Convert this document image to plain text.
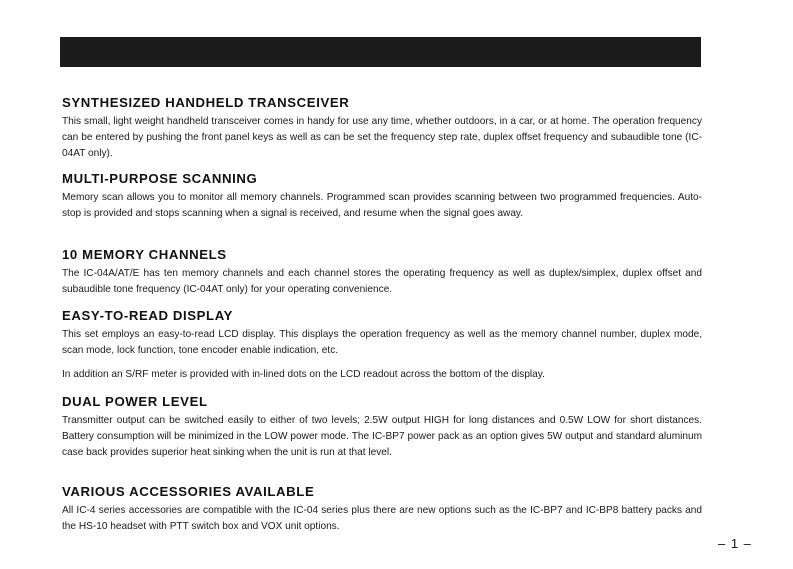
SECTION   I   FEATURES

SYNTHESIZED HANDHELD TRANSCEIVER

This small, light weight handheld transceiver comes in handy for use any time, whether outdoors, in a car, or at home. The operation frequency can be entered by pushing the front panel keys as well as can be set the frequency step rate, duplex offset frequency and subaudible tone (IC-04AT only).

MULTI-PURPOSE SCANNING

Memory scan allows you to monitor all memory channels. Programmed scan provides scanning between two programmed frequencies. Auto-stop is provided and stops scanning when a signal is received, and resume when the signal goes away.

10 MEMORY CHANNELS

The IC-04A/AT/E has ten memory channels and each channel stores the operating frequency as well as duplex/simplex, duplex offset and subaudible tone frequency (IC-04AT only) for your operating convenience.

EASY-TO-READ DISPLAY

This set employs an easy-to-read LCD display. This displays the operation frequency as well as the memory channel number, duplex mode, scan mode, lock function, tone encoder enable indication, etc.

In addition an S/RF meter is provided with in-lined dots on the LCD readout across the bottom of the display.

DUAL POWER LEVEL

Transmitter output can be switched easily to either of two levels; 2.5W output HIGH for long distances and 0.5W LOW for short distances. Battery consumption will be minimized in the LOW power mode. The IC-BP7 power pack as an option gives 5W output and standard aluminum case back provides superior heat sinking when the unit is run at that level.

VARIOUS ACCESSORIES AVAILABLE

All IC-4 series accessories are compatible with the IC-04 series plus there are new options such as the IC-BP7 and IC-BP8 battery packs and the HS-10 headset with PTT switch box and VOX unit options.

– 1 –
